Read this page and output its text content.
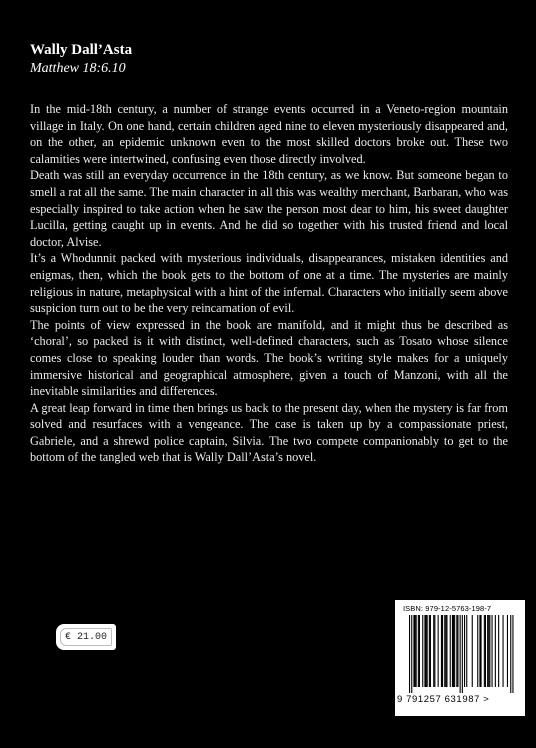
Wally Dall’Asta
Matthew 18:6.10

In the mid-18th century, a number of strange events occurred in a Veneto-region mountain village in Italy. On one hand, certain children aged nine to eleven mysteriously disappeared and, on the other, an epidemic unknown even to the most skilled doctors broke out. These two calamities were intertwined, confusing even those directly involved.

Death was still an everyday occurrence in the 18th century, as we know. But someone began to smell a rat all the same. The main character in all this was wealthy merchant, Barbaran, who was especially inspired to take action when he saw the person most dear to him, his sweet daughter Lucilla, getting caught up in events. And he did so together with his trusted friend and local doctor, Alvise.

It’s a Whodunnit packed with mysterious individuals, disappearances, mistaken identities and enigmas, then, which the book gets to the bottom of one at a time. The mysteries are mainly religious in nature, metaphysical with a hint of the infernal. Characters who initially seem above suspicion turn out to be the very reincarnation of evil.

The points of view expressed in the book are manifold, and it might thus be described as ‘choral’, so packed is it with distinct, well-defined characters, such as Tosato whose silence comes close to speaking louder than words. The book’s writing style makes for a uniquely immersive historical and geographical atmosphere, given a touch of Manzoni, with all the inevitable similarities and differences.

A great leap forward in time then brings us back to the present day, when the mystery is far from solved and resurfaces with a vengeance. The case is taken up by a compassionate priest, Gabriele, and a shrewd police captain, Silvia. The two compete companionably to get to the bottom of the tangled web that is Wally Dall’Asta’s novel.

€ 21.00
ISBN: 979-12-5763-198-7
9 791257 631987 >
